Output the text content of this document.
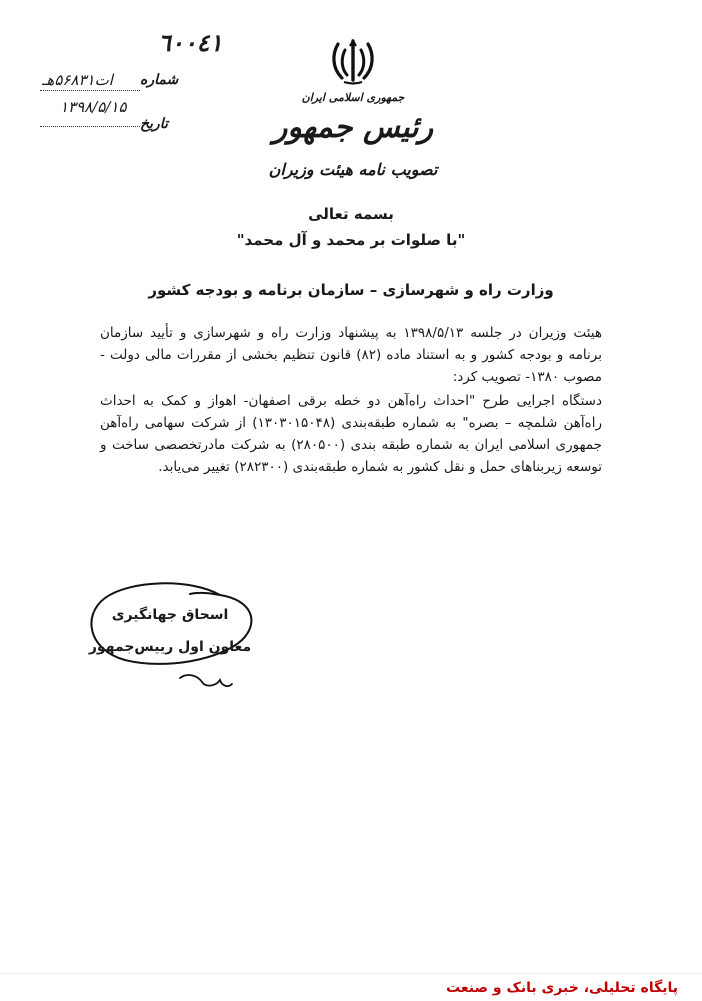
٦٠٠٤١
ات۵۶۸۳۱هـ شماره
۱۳۹۸/۵/۱۵
تاریخ
جمهوری اسلامی ایران
رئیس جمهور
تصویب نامه هیئت وزیران
بسمه تعالی
"با صلوات بر محمد و آل محمد"
وزارت راه و شهرسازی – سازمان برنامه و بودجه کشور

هیئت وزیران در جلسه ۱۳۹۸/۵/۱۳ به پیشنهاد وزارت راه و شهرسازی و تأیید سازمان برنامه و بودجه کشور و به استناد ماده (۸۲) قانون تنظیم بخشی از مقررات مالی دولت - مصوب ۱۳۸۰- تصویب کرد:

دستگاه اجرایی طرح "احداث راه‌آهن دو خطه برقی اصفهان- اهواز و کمک به احداث راه‌آهن شلمچه – بصره" به شماره طبقه‌بندی (۱۳۰۳۰۱۵۰۴۸) از شرکت سهامی راه‌آهن جمهوری اسلامی ایران به شماره طبقه بندی (۲۸۰۵۰۰) به شرکت مادرتخصصی ساخت و توسعه زیربناهای حمل و نقل کشور به شماره طبقه‌بندی (۲۸۲۳۰۰) تغییر می‌یابد.

اسحاق جهانگیری
معاون اول رییس‌جمهور
پایگاه تحلیلی، خبری بانک و صنعت
